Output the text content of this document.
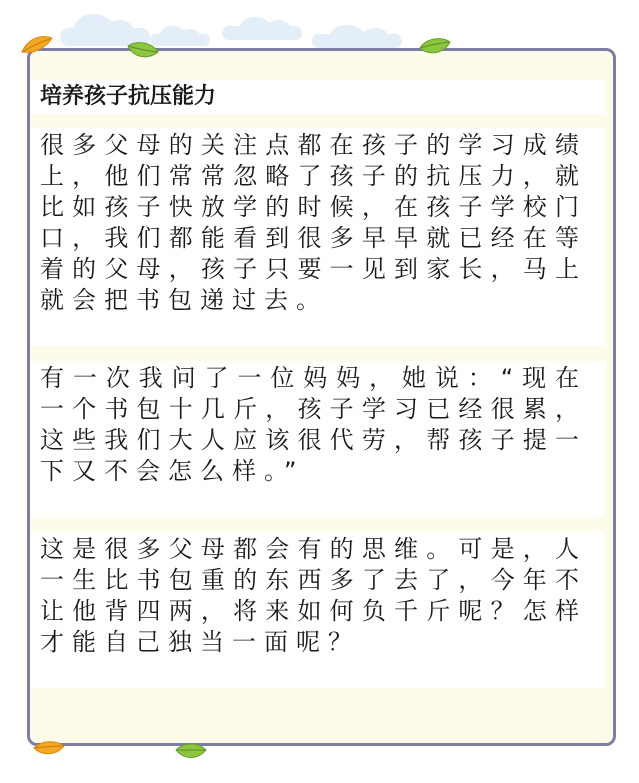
培养孩子抗压能力
很多父母的关注点都在孩子的学习成绩上，他们常常忽略了孩子的抗压力，就比如孩子快放学的时候，在孩子学校门口，我们都能看到很多早早就已经在等着的父母，孩子只要一见到家长，马上就会把书包递过去。
有一次我问了一位妈妈，她说：“现在一个书包十几斤，孩子学习已经很累，这些我们大人应该很代劳，帮孩子提一下又不会怎么样。”
这是很多父母都会有的思维。可是，人一生比书包重的东西多了去了，今年不让他背四两，将来如何负千斤呢？怎样才能自己独当一面呢？
